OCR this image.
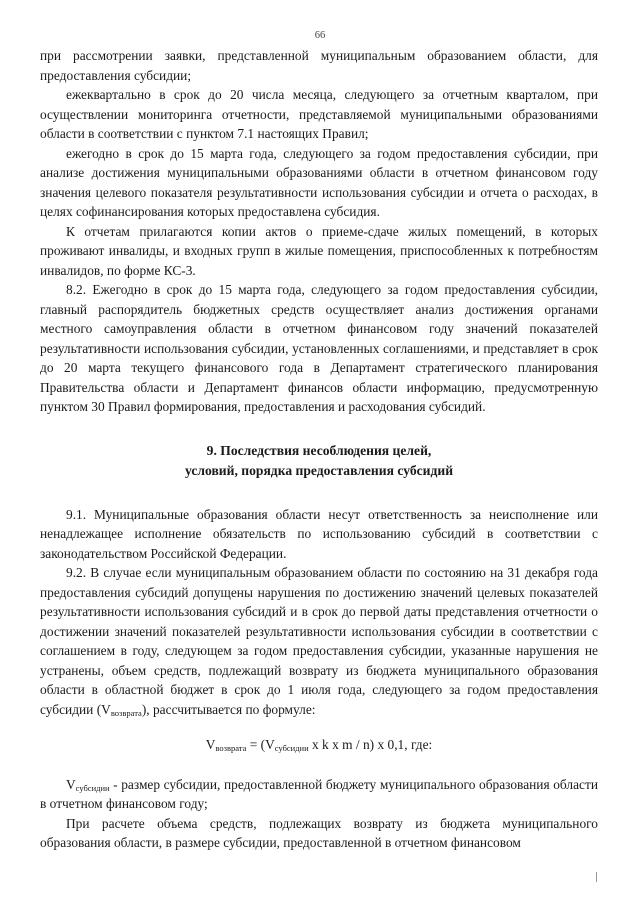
66

при рассмотрении заявки, представленной муниципальным образованием области, для предоставления субсидии;

ежеквартально в срок до 20 числа месяца, следующего за отчетным кварталом, при осуществлении мониторинга отчетности, представляемой муниципальными образованиями области в соответствии с пунктом 7.1 настоящих Правил;

ежегодно в срок до 15 марта года, следующего за годом предоставления субсидии, при анализе достижения муниципальными образованиями области в отчетном финансовом году значения целевого показателя результативности использования субсидии и отчета о расходах, в целях софинансирования которых предоставлена субсидия.

К отчетам прилагаются копии актов о приеме-сдаче жилых помещений, в которых проживают инвалиды, и входных групп в жилые помещения, приспособленных к потребностям инвалидов, по форме КС-3.

8.2. Ежегодно в срок до 15 марта года, следующего за годом предоставления субсидии, главный распорядитель бюджетных средств осуществляет анализ достижения органами местного самоуправления области в отчетном финансовом году значений показателей результативности использования субсидии, установленных соглашениями, и представляет в срок до 20 марта текущего финансового года в Департамент стратегического планирования Правительства области и Департамент финансов области информацию, предусмотренную пунктом 30 Правил формирования, предоставления и расходования субсидий.

9. Последствия несоблюдения целей,
условий, порядка предоставления субсидий

9.1. Муниципальные образования области несут ответственность за неисполнение или ненадлежащее исполнение обязательств по использованию субсидий в соответствии с законодательством Российской Федерации.

9.2. В случае если муниципальным образованием области по состоянию на 31 декабря года предоставления субсидий допущены нарушения по достижению значений целевых показателей результативности использования субсидий и в срок до первой даты представления отчетности о достижении значений показателей результативности использования субсидии в соответствии с соглашением в году, следующем за годом предоставления субсидии, указанные нарушения не устранены, объем средств, подлежащий возврату из бюджета муниципального образования области в областной бюджет в срок до 1 июля года, следующего за годом предоставления субсидии $(V_{возврата})$, рассчитывается по формуле:

$V_{возврата} = (V_{субсидии}$ x k x m / n) x 0,1, где:

$V_{субсидии}$ - размер субсидии, предоставленной бюджету муниципального образования области в отчетном финансовом году;

При расчете объема средств, подлежащих возврату из бюджета муниципального образования области, в размере субсидии, предоставленной в отчетном финансовом
